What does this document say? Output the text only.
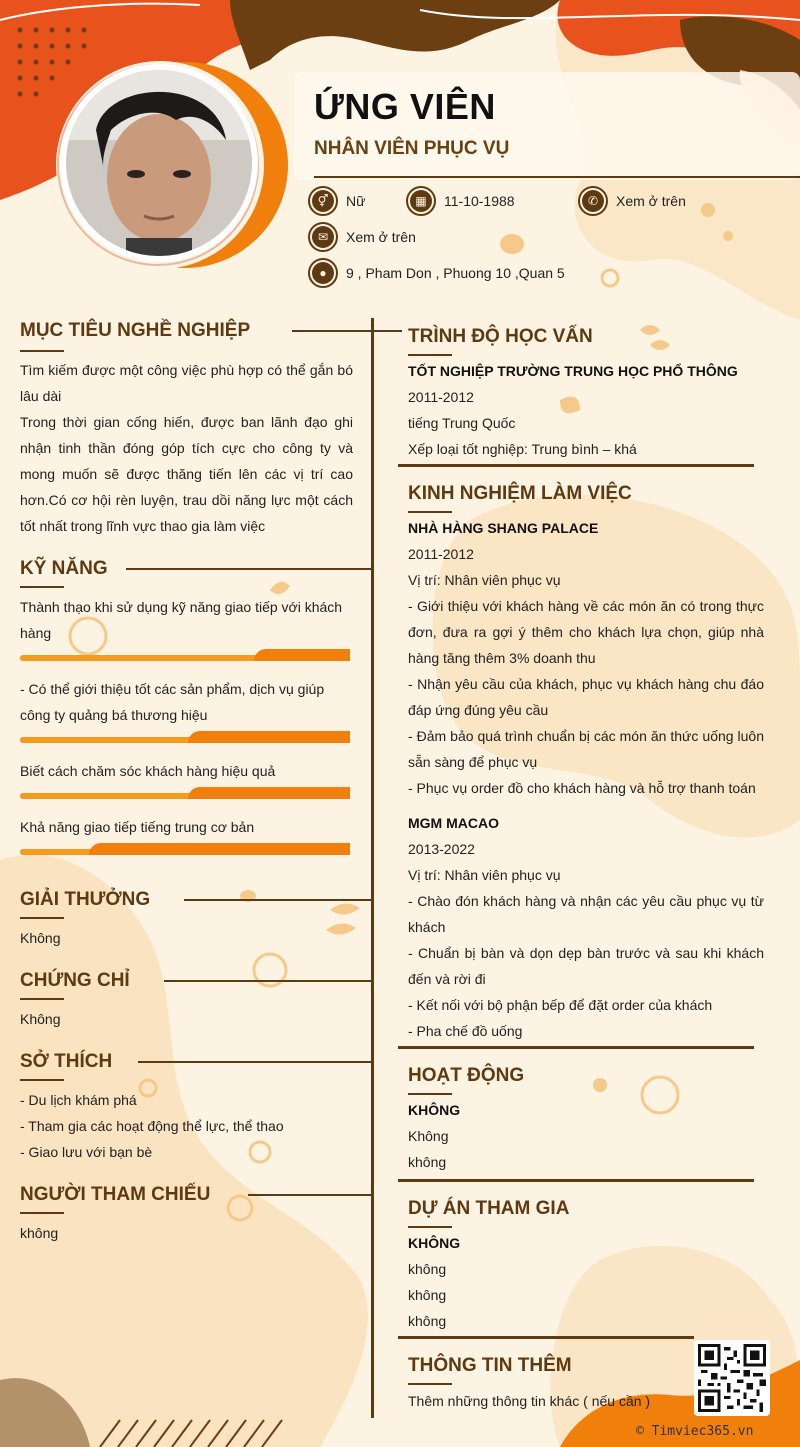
ỨNG VIÊN
NHÂN VIÊN PHỤC VỤ
⚥	Nữ	▦	11-10-1988	✆	Xem ở trên
✉	Xem ở trên
●	9 , Pham Don , Phuong 10 ,Quan 5
MỤC TIÊU NGHỀ NGHIỆP
Tìm kiếm được một công việc phù hợp có thể gắn bó lâu dài
Trong thời gian cống hiến, được ban lãnh đạo ghi nhận tinh thần đóng góp tích cực cho công ty và mong muốn sẽ được thăng tiến lên các vị trí cao hơn.Có cơ hội rèn luyện, trau dồi năng lực một cách tốt nhất trong lĩnh vực thao gia làm việc
KỸ NĂNG
Thành thạo khi sử dụng kỹ năng giao tiếp với khách hàng
- Có thể giới thiệu tốt các sản phẩm, dịch vụ giúp công ty quảng bá thương hiệu
Biết cách chăm sóc khách hàng hiệu quả
Khả năng giao tiếp tiếng trung cơ bản
GIẢI THƯỞNG
Không
CHỨNG CHỈ
Không
SỞ THÍCH
- Du lịch khám phá
- Tham gia các hoạt động thể lực, thể thao
- Giao lưu với bạn bè
NGƯỜI THAM CHIẾU
không
TRÌNH ĐỘ HỌC VẤN
TỐT NGHIỆP TRƯỜNG TRUNG HỌC PHỔ THÔNG
2011-2012
tiếng Trung Quốc
Xếp loại tốt nghiệp: Trung bình – khá
KINH NGHIỆM LÀM VIỆC
NHÀ HÀNG SHANG PALACE
2011-2012
Vị trí: Nhân viên phục vụ
- Giới thiệu với khách hàng về các món ăn có trong thực đơn, đưa ra gợi ý thêm cho khách lựa chọn, giúp nhà hàng tăng thêm 3% doanh thu
- Nhận yêu cầu của khách, phục vụ khách hàng chu đáo đáp ứng đúng yêu cầu
- Đảm bảo quá trình chuẩn bị các món ăn thức uống luôn sẵn sàng để phục vụ
- Phục vụ order đồ cho khách hàng và hỗ trợ thanh toán
MGM MACAO
2013-2022
Vị trí: Nhân viên phục vụ
- Chào đón khách hàng và nhận các yêu cầu phục vụ từ khách
- Chuẩn bị bàn và dọn dẹp bàn trước và sau khi khách đến và rời đi
- Kết nối với bộ phận bếp để đặt order của khách
- Pha chế đồ uống
HOẠT ĐỘNG
KHÔNG
Không
không
DỰ ÁN THAM GIA
KHÔNG
không
không
không
THÔNG TIN THÊM
Thêm những thông tin khác ( nếu cần )
© Timviec365.vn
